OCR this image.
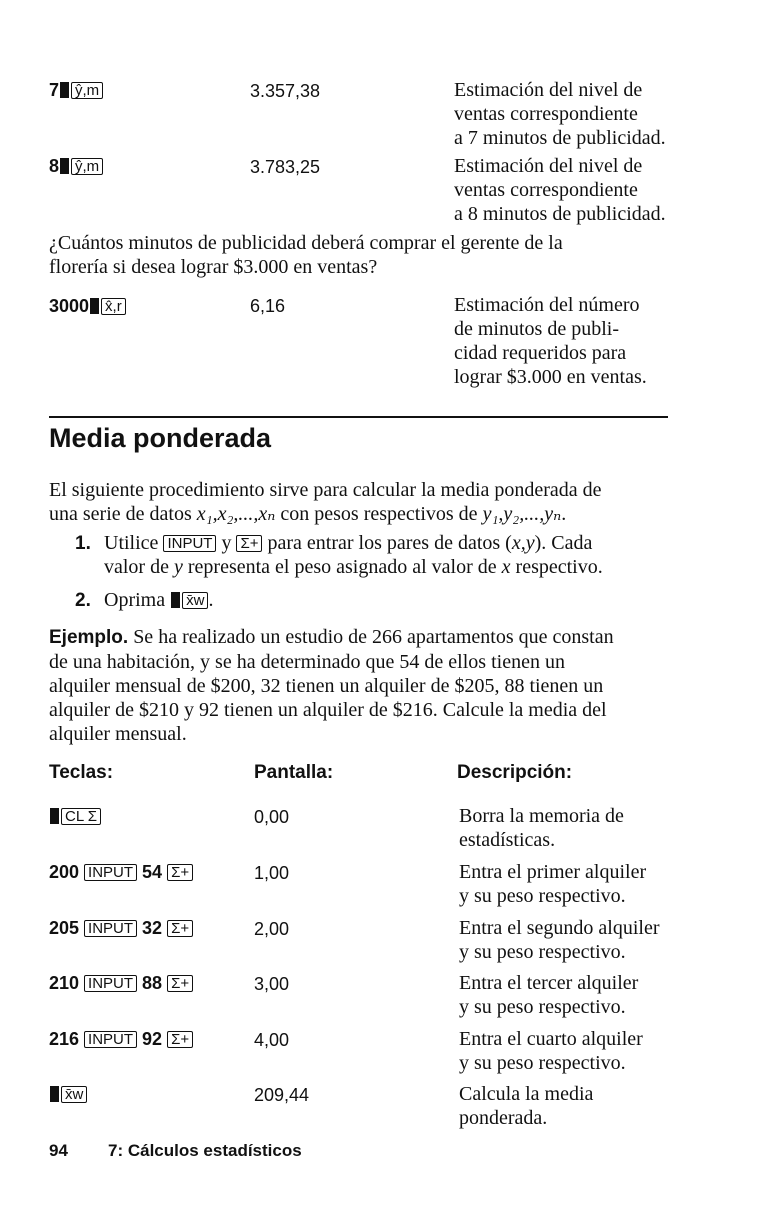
7 ŷ,m	3.357,38	Estimación del nivel de
ventas correspondiente
a 7 minutos de publicidad.
8 ŷ,m	3.783,25	Estimación del nivel de
ventas correspondiente
a 8 minutos de publicidad.
¿Cuántos minutos de publicidad deberá comprar el gerente de la
florería si desea lograr $3.000 en ventas?
3000 x̂,r	6,16	Estimación del número
de minutos de publi-
cidad requeridos para
lograr $3.000 en ventas.
Media ponderada
El siguiente procedimiento sirve para calcular la media ponderada de
una serie de datos x₁,x₂,...,xₙ con pesos respectivos de y₁,y₂,...,yₙ.
1. Utilice INPUT y Σ+ para entrar los pares de datos (x,y). Cada
valor de y representa el peso asignado al valor de x respectivo.
2. Oprima x̄w .
Ejemplo. Se ha realizado un estudio de 266 apartamentos que constan
de una habitación, y se ha determinado que 54 de ellos tienen un
alquiler mensual de $200, 32 tienen un alquiler de $205, 88 tienen un
alquiler de $210 y 92 tienen un alquiler de $216. Calcule la media del
alquiler mensual.
Teclas:	Pantalla:	Descripción:
CL Σ	0,00	Borra la memoria de
estadísticas.
200 INPUT 54 Σ+	1,00	Entra el primer alquiler
y su peso respectivo.
205 INPUT 32 Σ+	2,00	Entra el segundo alquiler
y su peso respectivo.
210 INPUT 88 Σ+	3,00	Entra el tercer alquiler
y su peso respectivo.
216 INPUT 92 Σ+	4,00	Entra el cuarto alquiler
y su peso respectivo.
x̄w	209,44	Calcula la media
ponderada.
94 7: Cálculos estadísticos
